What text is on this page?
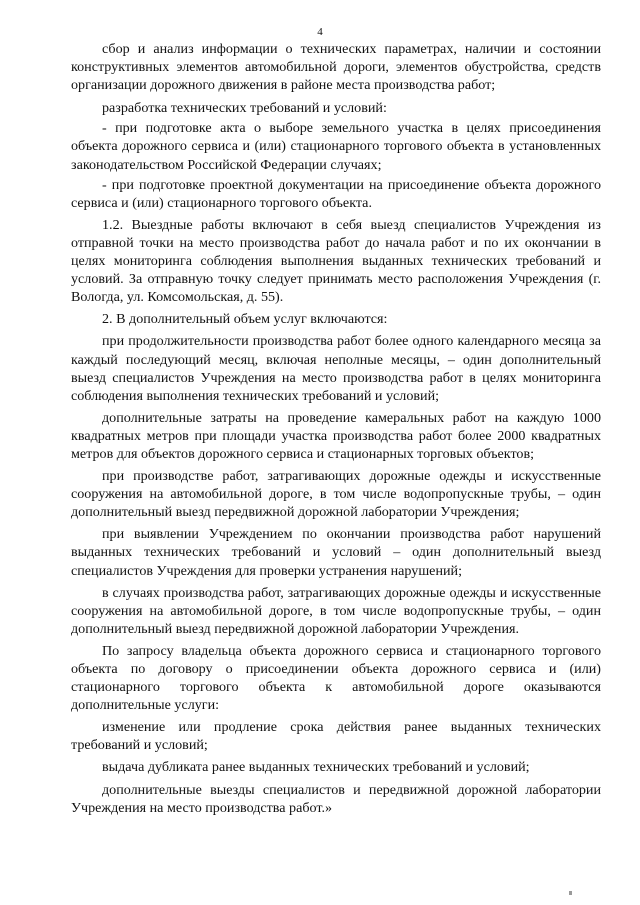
4

сбор и анализ информации о технических параметрах, наличии и состоянии конструктивных элементов автомобильной дороги, элементов обустройства, средств организации дорожного движения в районе места производства работ;

разработка технических требований и условий:

- при подготовке акта о выборе земельного участка в целях присоединения объекта дорожного сервиса и (или) стационарного торгового объекта в установленных законодательством Российской Федерации случаях;

- при подготовке проектной документации на присоединение объекта дорожного сервиса и (или) стационарного торгового объекта.

1.2. Выездные работы включают в себя выезд специалистов Учреждения из отправной точки на место производства работ до начала работ и по их окончании в целях мониторинга соблюдения выполнения выданных технических требований и условий. За отправную точку следует принимать место расположения Учреждения (г. Вологда, ул. Комсомольская, д. 55).

2. В дополнительный объем услуг включаются:

при продолжительности производства работ более одного календарного месяца за каждый последующий месяц, включая неполные месяцы, – один дополнительный выезд специалистов Учреждения на место производства работ в целях мониторинга соблюдения выполнения технических требований и условий;

дополнительные затраты на проведение камеральных работ на каждую 1000 квадратных метров при площади участка производства работ более 2000 квадратных метров для объектов дорожного сервиса и стационарных торговых объектов;

при производстве работ, затрагивающих дорожные одежды и искусственные сооружения на автомобильной дороге, в том числе водопропускные трубы, – один дополнительный выезд передвижной дорожной лаборатории Учреждения;

при выявлении Учреждением по окончании производства работ нарушений выданных технических требований и условий – один дополнительный выезд специалистов Учреждения для проверки устранения нарушений;

в случаях производства работ, затрагивающих дорожные одежды и искусственные сооружения на автомобильной дороге, в том числе водопропускные трубы, – один дополнительный выезд передвижной дорожной лаборатории Учреждения.

По запросу владельца объекта дорожного сервиса и стационарного торгового объекта по договору о присоединении объекта дорожного сервиса и (или) стационарного торгового объекта к автомобильной дороге оказываются дополнительные услуги:

изменение или продление срока действия ранее выданных технических требований и условий;

выдача дубликата ранее выданных технических требований и условий;

дополнительные выезды специалистов и передвижной дорожной лаборатории Учреждения на место производства работ.»
